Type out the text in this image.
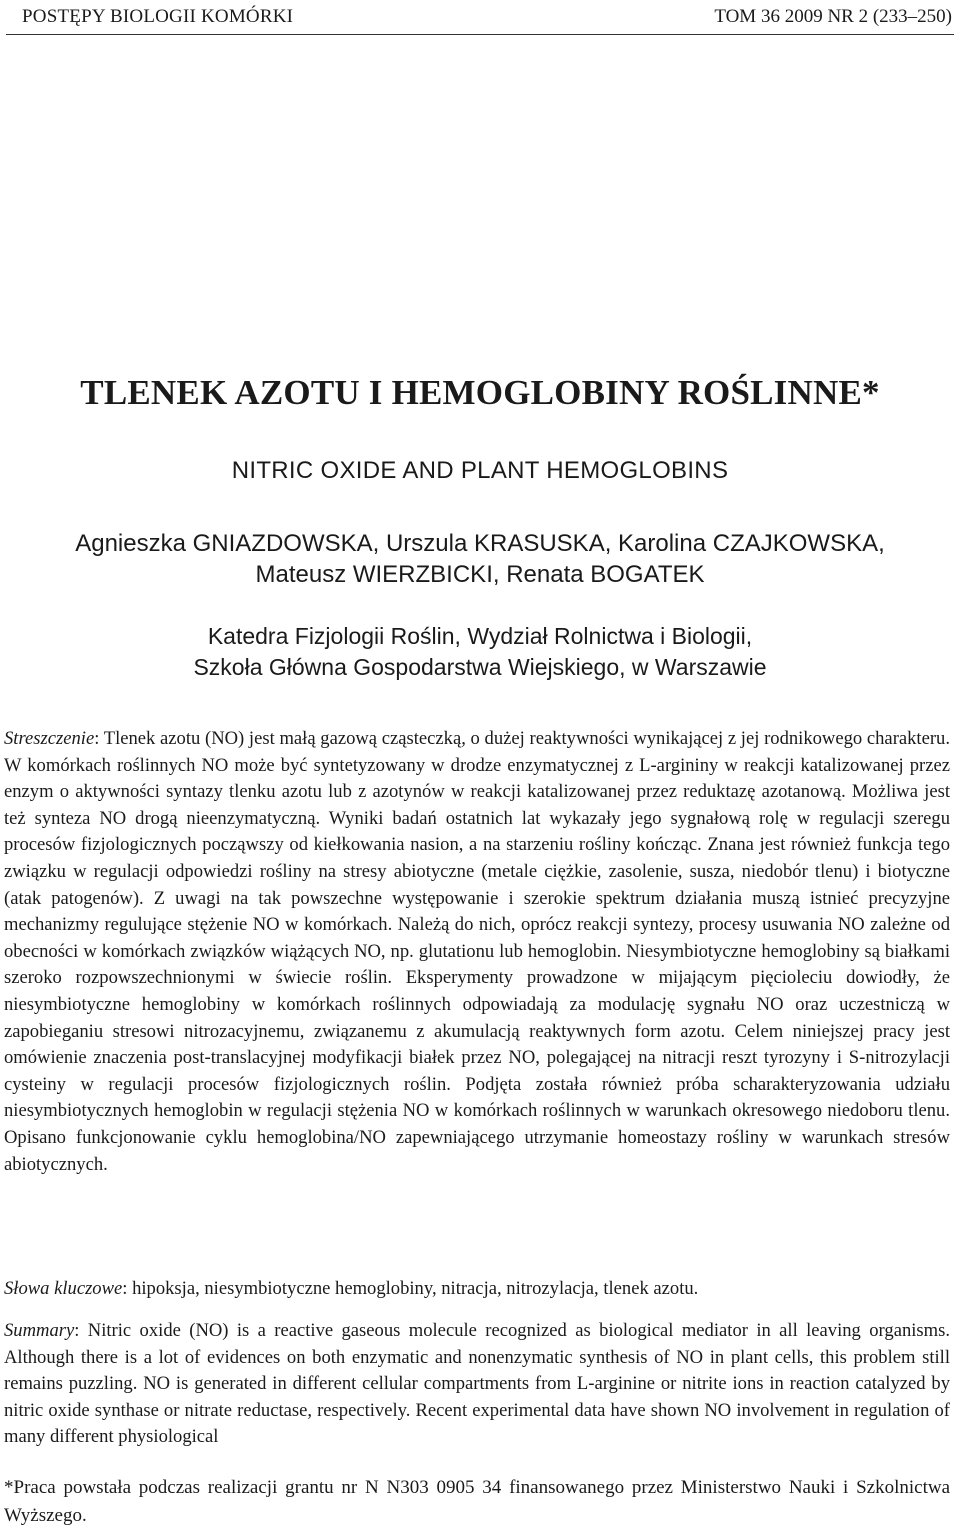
POSTĘPY BIOLOGII KOMÓRKI	TOM 36 2009 NR 2 (233–250)
TLENEK AZOTU I HEMOGLOBINY ROŚLINNE*
NITRIC OXIDE AND PLANT HEMOGLOBINS
Agnieszka GNIAZDOWSKA, Urszula KRASUSKA, Karolina CZAJKOWSKA,
Mateusz WIERZBICKI, Renata BOGATEK
Katedra Fizjologii Roślin, Wydział Rolnictwa i Biologii,
Szkoła Główna Gospodarstwa Wiejskiego, w Warszawie
Streszczenie: Tlenek azotu (NO) jest małą gazową cząsteczką, o dużej reaktywności wynikającej z jej rodnikowego charakteru. W komórkach roślinnych NO może być syntetyzowany w drodze enzymatycznej z L-argininy w reakcji katalizowanej przez enzym o aktywności syntazy tlenku azotu lub z azotynów w reakcji katalizowanej przez reduktazę azotanową. Możliwa jest też synteza NO drogą nieenzymatyczną. Wyniki badań ostatnich lat wykazały jego sygnałową rolę w regulacji szeregu procesów fizjologicznych począwszy od kiełkowania nasion, a na starzeniu rośliny kończąc. Znana jest również funkcja tego związku w regulacji odpowiedzi rośliny na stresy abiotyczne (metale ciężkie, zasolenie, susza, niedobór tlenu) i biotyczne (atak patogenów). Z uwagi na tak powszechne występowanie i szerokie spektrum działania muszą istnieć precyzyjne mechanizmy regulujące stężenie NO w komórkach. Należą do nich, oprócz reakcji syntezy, procesy usuwania NO zależne od obecności w komórkach związków wiążących NO, np. glutationu lub hemoglobin. Niesymbiotyczne hemoglobiny są białkami szeroko rozpowszechnionymi w świecie roślin. Eksperymenty prowadzone w mijającym pięcioleciu dowiodły, że niesymbiotyczne hemoglobiny w komórkach roślinnych odpowiadają za modulację sygnału NO oraz uczestniczą w zapobieganiu stresowi nitrozacyjnemu, związanemu z akumulacją reaktywnych form azotu. Celem niniejszej pracy jest omówienie znaczenia post-translacyjnej modyfikacji białek przez NO, polegającej na nitracji reszt tyrozyny i S-nitrozylacji cysteiny w regulacji procesów fizjologicznych roślin. Podjęta została również próba scharakteryzowania udziału niesymbiotycznych hemoglobin w regulacji stężenia NO w komórkach roślinnych w warunkach okresowego niedoboru tlenu. Opisano funkcjonowanie cyklu hemoglobina/NO zapewniającego utrzymanie homeostazy rośliny w warunkach stresów abiotycznych.
Słowa kluczowe: hipoksja, niesymbiotyczne hemoglobiny, nitracja, nitrozylacja, tlenek azotu.
Summary: Nitric oxide (NO) is a reactive gaseous molecule recognized as biological mediator in all leaving organisms. Although there is a lot of evidences on both enzymatic and nonenzymatic synthesis of NO in plant cells, this problem still remains puzzling. NO is generated in different cellular compartments from L-arginine or nitrite ions in reaction catalyzed by nitric oxide synthase or nitrate reductase, respectively. Recent experimental data have shown NO involvement in regulation of many different physiological
*Praca powstała podczas realizacji grantu nr N N303 0905 34 finansowanego przez Ministerstwo Nauki i Szkolnictwa Wyższego.
